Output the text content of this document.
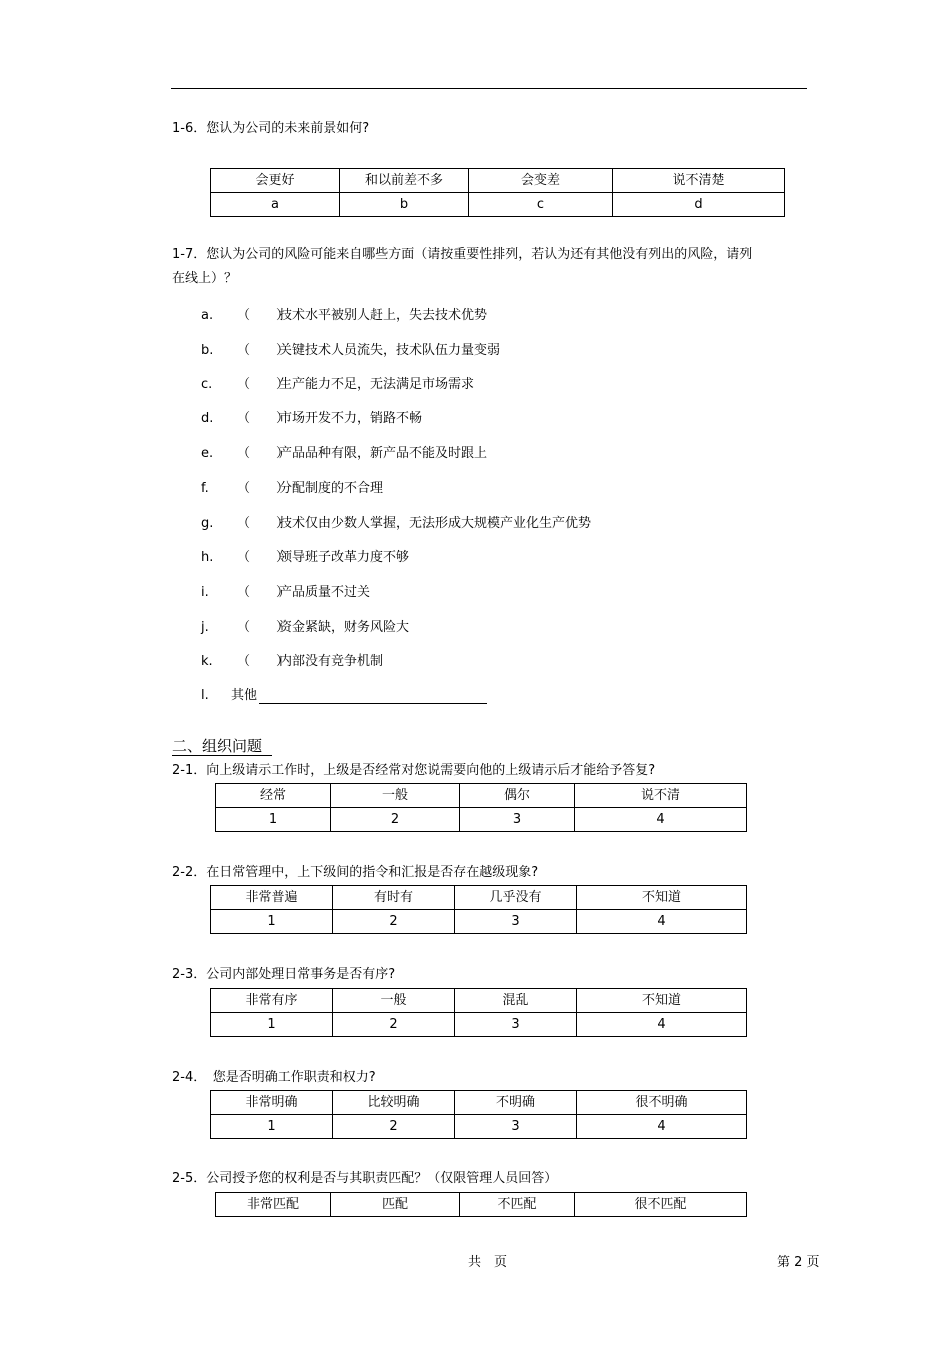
1-6．您认为公司的未来前景如何?
会更好	和以前差不多	会变差	说不清楚
a	b	c	d
1-7．您认为公司的风险可能来自哪些方面（请按重要性排列，若认为还有其他没有列出的风险，请列
在线上）？
a.	（　　）
技术水平被别人赶上，失去技术优势
b.	（　　）
关键技术人员流失，技术队伍力量变弱
c.	（　　）
生产能力不足，无法满足市场需求
d.	（　　）
市场开发不力，销路不畅
e.	（　　）
产品品种有限，新产品不能及时跟上
f.	（　　）
分配制度的不合理
g.	（　　）
技术仅由少数人掌握，无法形成大规模产业化生产优势
h.	（　　）
领导班子改革力度不够
i.	（　　）
产品质量不过关
j.	（　　）
资金紧缺，财务风险大
k.	（　　）
内部没有竞争机制
l.	其他
二、组织问题
2-1．向上级请示工作时，上级是否经常对您说需要向他的上级请示后才能给予答复?
经常	一般	偶尔	说不清
1	2	3	4
2-2．在日常管理中，上下级间的指令和汇报是否存在越级现象?
非常普遍	有时有	几乎没有	不知道
1	2	3	4
2-3．公司内部处理日常事务是否有序?
非常有序	一般	混乱	不知道
1	2	3	4
2-4．　您是否明确工作职责和权力?
非常明确	比较明确	不明确	很不明确
1	2	3	4
2-5．公司授予您的权利是否与其职责匹配？（仅限管理人员回答）
非常匹配	匹配	不匹配	很不匹配
共　页	第 2 页
